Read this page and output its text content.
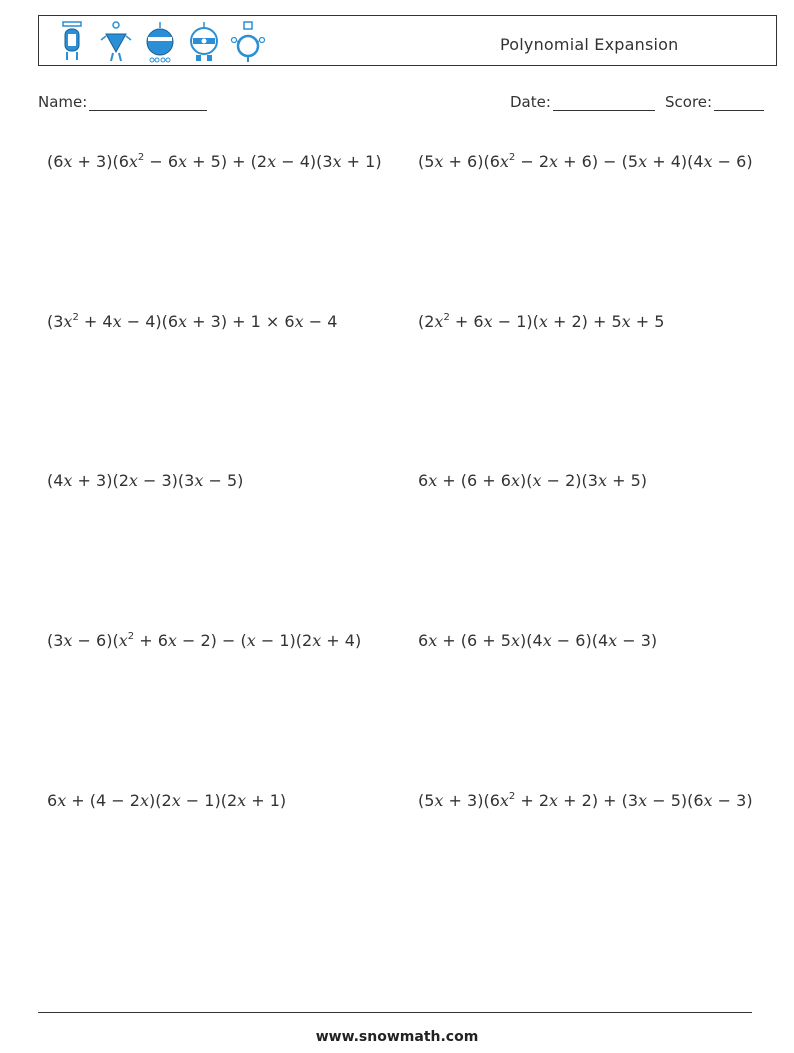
Polynomial Expansion
Name:	Date:	Score:
$(6x + 3)(6x^2 - 6x + 5) + (2x - 4)(3x + 1)$ $(5x + 6)(6x^2 - 2x + 6) - (5x + 4)(4x - 6)$
$(3x^2 + 4x - 4)(6x + 3) + 1 \times 6x - 4$	$(2x^2 + 6x - 1)(x + 2) + 5x + 5$
(4x + 3)(2x − 3)(3x − 5)	6x + (6 + 6x)(x − 2)(3x + 5)
$(3x - 6)(x^2 + 6x - 2) - (x - 1)(2x + 4)$	6x + (6 + 5x)(4x − 6)(4x − 3)
6x + (4 − 2x)(2x − 1)(2x + 1)	$(5x + 3)(6x^2 + 2x + 2) + (3x - 5)(6x - 3)$
www.snowmath.com
